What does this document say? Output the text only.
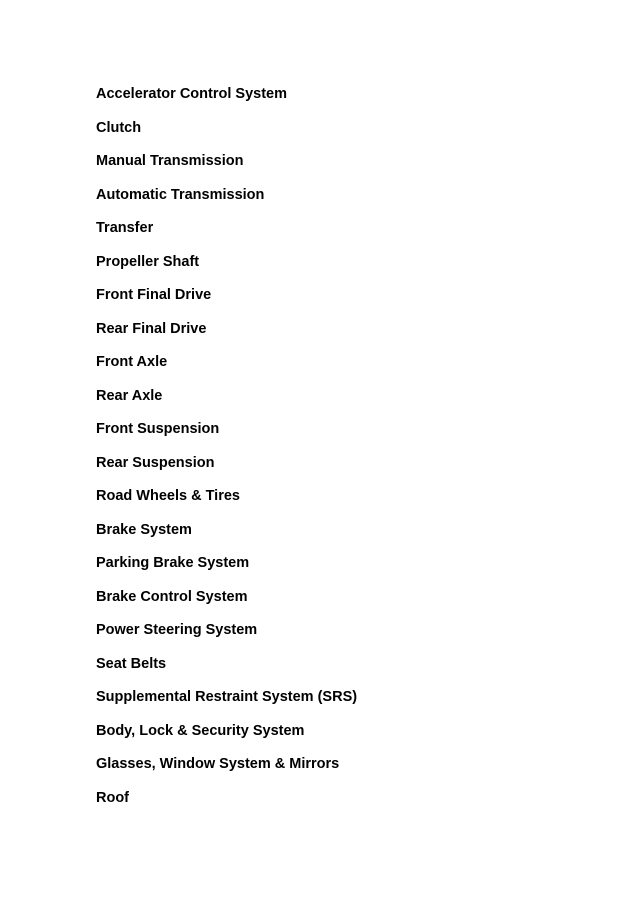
Accelerator Control System
Clutch
Manual Transmission
Automatic Transmission
Transfer
Propeller Shaft
Front Final Drive
Rear Final Drive
Front Axle
Rear Axle
Front Suspension
Rear Suspension
Road Wheels & Tires
Brake System
Parking Brake System
Brake Control System
Power Steering System
Seat Belts
Supplemental Restraint System (SRS)
Body, Lock & Security System
Glasses, Window System & Mirrors
Roof
